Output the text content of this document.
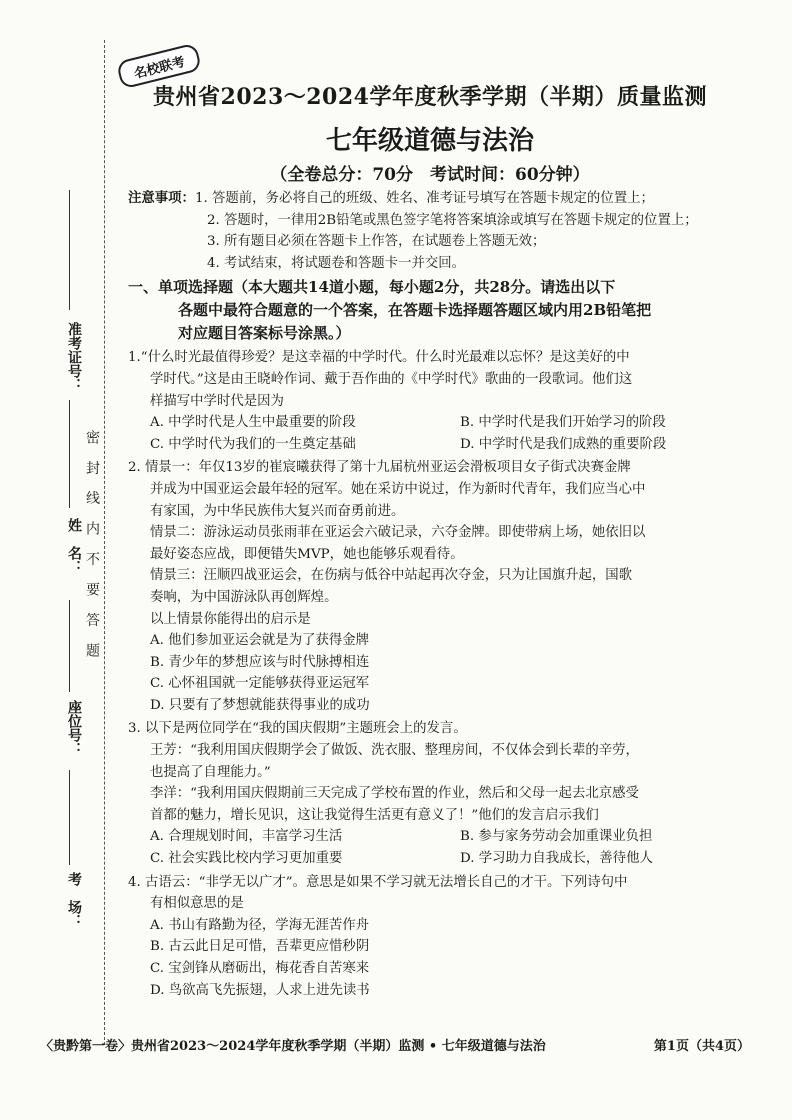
准考证号：
姓　名：
座位号：
考　场：
密 封 线 内 不 要 答 题
名校联考
贵州省2023～2024学年度秋季学期（半期）质量监测
七年级道德与法治
（全卷总分：70分　考试时间：60分钟）
注意事项： 1. 答题前，务必将自己的班级、姓名、准考证号填写在答题卡规定的位置上；
2. 答题时，一律用2B铅笔或黑色签字笔将答案填涂或填写在答题卡规定的位置上；
3. 所有题目必须在答题卡上作答，在试题卷上答题无效；
4. 考试结束，将试题卷和答题卡一并交回。
一、单项选择题（本大题共14道小题，每小题2分，共28分。请选出以下
各题中最符合题意的一个答案，在答题卡选择题答题区域内用2B铅笔把
对应题目答案标号涂黑。）

1.“什么时光最值得珍爱？是这幸福的中学时代。什么时光最难以忘怀？是这美好的中

学时代。”这是由王晓岭作词、戴于吾作曲的《中学时代》歌曲的一段歌词。他们这

样描写中学时代是因为

A. 中学时代是人生中最重要的阶段	B. 中学时代是我们开始学习的阶段
C. 中学时代为我们的一生奠定基础	D. 中学时代是我们成熟的重要阶段

2. 情景一：年仅13岁的崔宸曦获得了第十九届杭州亚运会滑板项目女子街式决赛金牌

并成为中国亚运会最年轻的冠军。她在采访中说过，作为新时代青年，我们应当心中

有家国，为中华民族伟大复兴而奋勇前进。

情景二：游泳运动员张雨菲在亚运会六破记录，六夺金牌。即使带病上场，她依旧以

最好姿态应战，即便错失MVP，她也能够乐观看待。

情景三：汪顺四战亚运会，在伤病与低谷中站起再次夺金，只为让国旗升起，国歌

奏响，为中国游泳队再创辉煌。

以上情景你能得出的启示是

A. 他们参加亚运会就是为了获得金牌
B. 青少年的梦想应该与时代脉搏相连
C. 心怀祖国就一定能够获得亚运冠军
D. 只要有了梦想就能获得事业的成功

3. 以下是两位同学在“我的国庆假期”主题班会上的发言。

王芳：“我利用国庆假期学会了做饭、洗衣服、整理房间，不仅体会到长辈的辛劳，

也提高了自理能力。”

李洋：“我利用国庆假期前三天完成了学校布置的作业，然后和父母一起去北京感受

首都的魅力，增长见识，这让我觉得生活更有意义了！”他们的发言启示我们

A. 合理规划时间，丰富学习生活	B. 参与家务劳动会加重课业负担
C. 社会实践比校内学习更加重要	D. 学习助力自我成长，善待他人

4. 古语云：“非学无以广才”。意思是如果不学习就无法增长自己的才干。下列诗句中

有相似意思的是

A. 书山有路勤为径，学海无涯苦作舟
B. 古云此日足可惜，吾辈更应惜秒阴
C. 宝剑锋从磨砺出，梅花香自苦寒来
D. 鸟欲高飞先振翅，人求上进先读书
〈贵黔第一卷〉贵州省2023～2024学年度秋季学期（半期）监测 • 七年级道德与法治	第1页（共4页）
